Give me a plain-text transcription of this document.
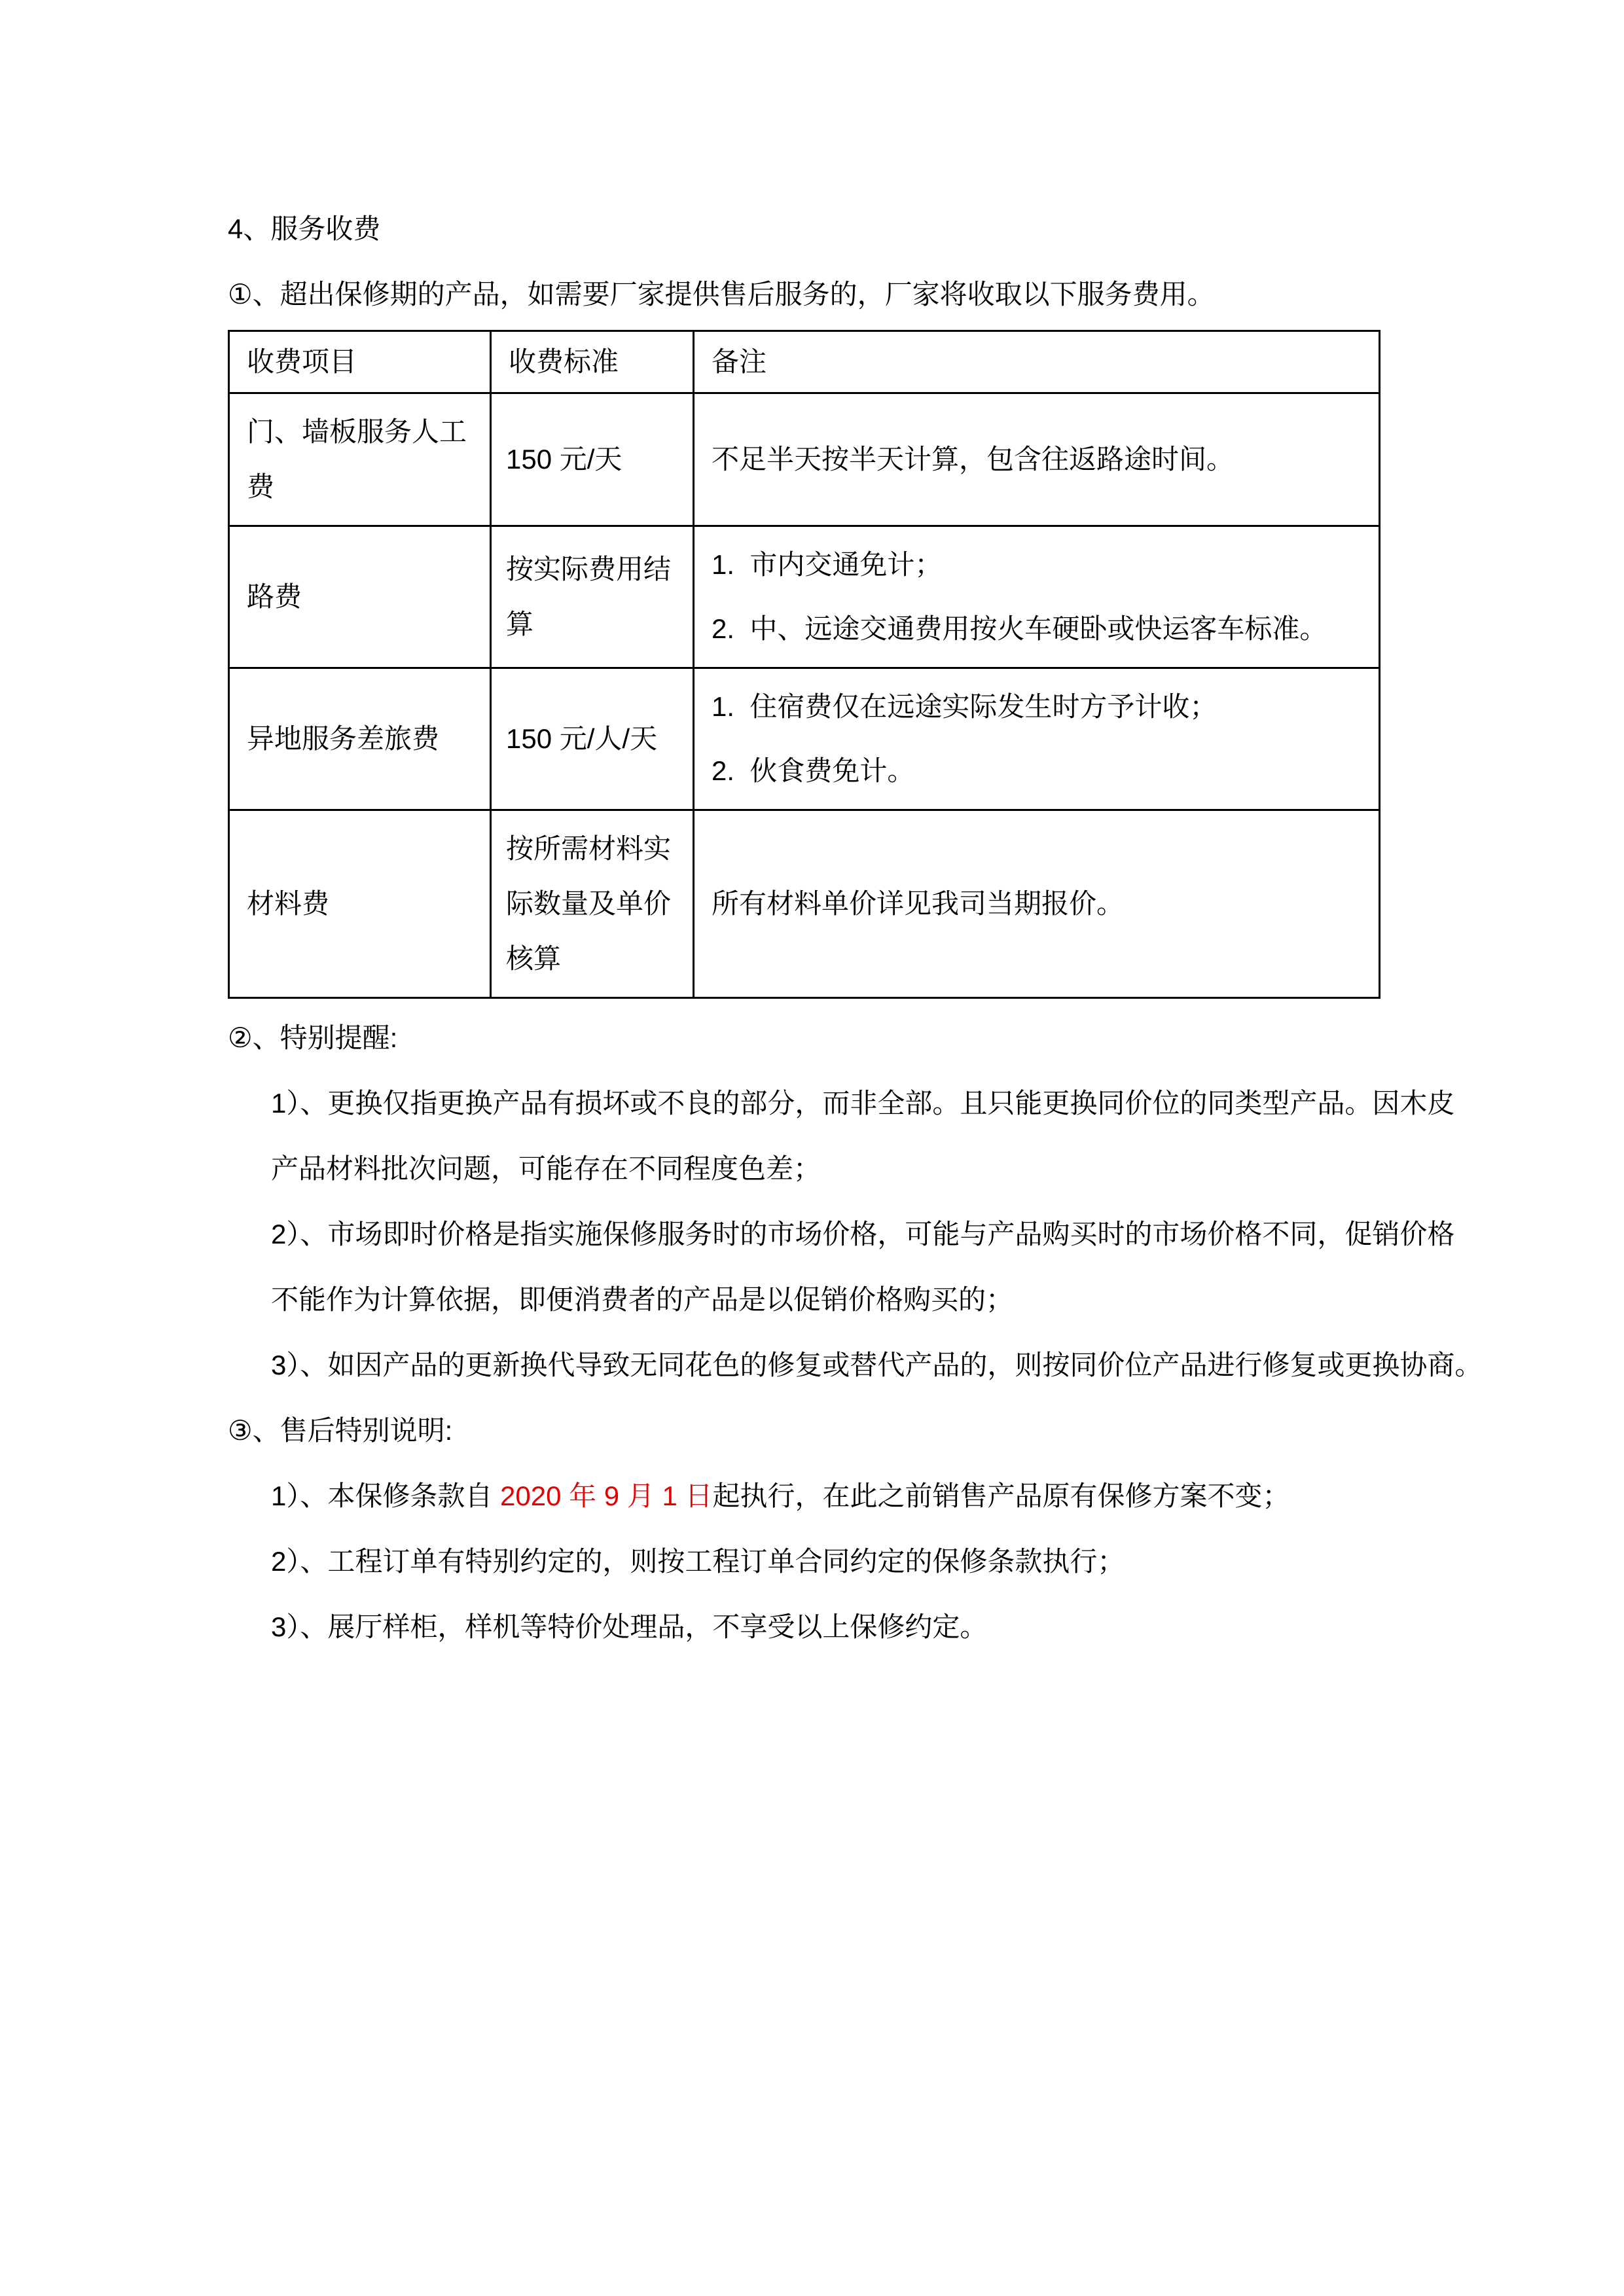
4、服务收费
①、超出保修期的产品，如需要厂家提供售后服务的，厂家将收取以下服务费用。
收费项目	收费标准	备注
门、墙板服务人工费	150 元/天	不足半天按半天计算，包含往返路途时间。

路费	按实际费用结算	1.  市内交通免计；
2.  中、远途交通费用按火车硬卧或快运客车标准。

异地服务差旅费	150 元/人/天	1.  住宿费仅在远途实际发生时方予计收；
2.  伙食费免计。

材料费	按所需材料实际数量及单价核算	所有材料单价详见我司当期报价。
②、特别提醒:
1）、更换仅指更换产品有损坏或不良的部分，而非全部。且只能更换同价位的同类型产品。因木皮
产品材料批次问题，可能存在不同程度色差；
2）、市场即时价格是指实施保修服务时的市场价格，可能与产品购买时的市场价格不同，促销价格
不能作为计算依据，即便消费者的产品是以促销价格购买的；
3）、如因产品的更新换代导致无同花色的修复或替代产品的，则按同价位产品进行修复或更换协商。
③、售后特别说明:
1）、本保修条款自 2020 年 9 月 1 日起执行，在此之前销售产品原有保修方案不变；
2）、工程订单有特别约定的，则按工程订单合同约定的保修条款执行；
3）、展厅样柜，样机等特价处理品，不享受以上保修约定。
